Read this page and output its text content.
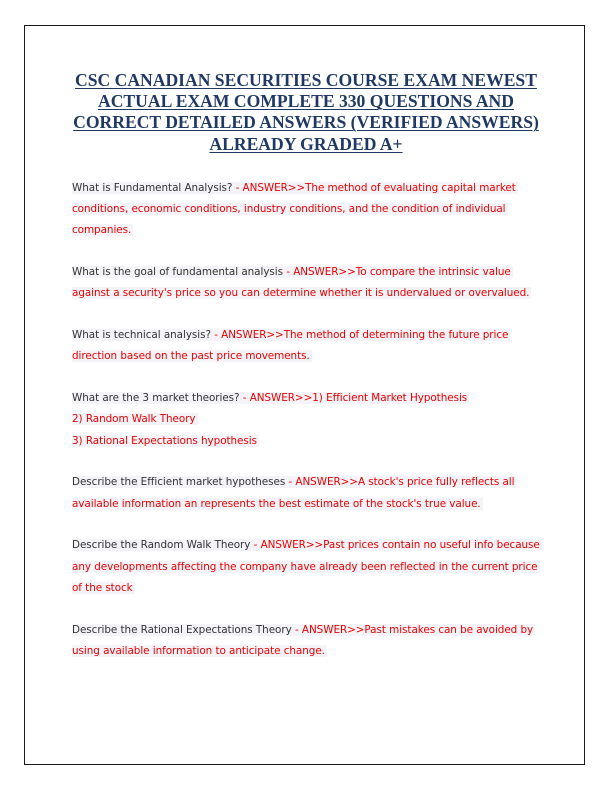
CSC CANADIAN SECURITIES COURSE EXAM NEWEST ACTUAL EXAM COMPLETE 330 QUESTIONS AND CORRECT DETAILED ANSWERS (VERIFIED ANSWERS) ALREADY GRADED A+

What is Fundamental Analysis? - ANSWER>>The method of evaluating capital market conditions, economic conditions, industry conditions, and the condition of individual companies.

What is the goal of fundamental analysis - ANSWER>>To compare the intrinsic value against a security's price so you can determine whether it is undervalued or overvalued.

What is technical analysis? - ANSWER>>The method of determining the future price direction based on the past price movements.

What are the 3 market theories? - ANSWER>>1) Efficient Market Hypothesis
2) Random Walk Theory
3) Rational Expectations hypothesis

Describe the Efficient market hypotheses - ANSWER>>A stock's price fully reflects all available information an represents the best estimate of the stock's true value.

Describe the Random Walk Theory - ANSWER>>Past prices contain no useful info because any developments affecting the company have already been reflected in the current price of the stock

Describe the Rational Expectations Theory - ANSWER>>Past mistakes can be avoided by using available information to anticipate change.
